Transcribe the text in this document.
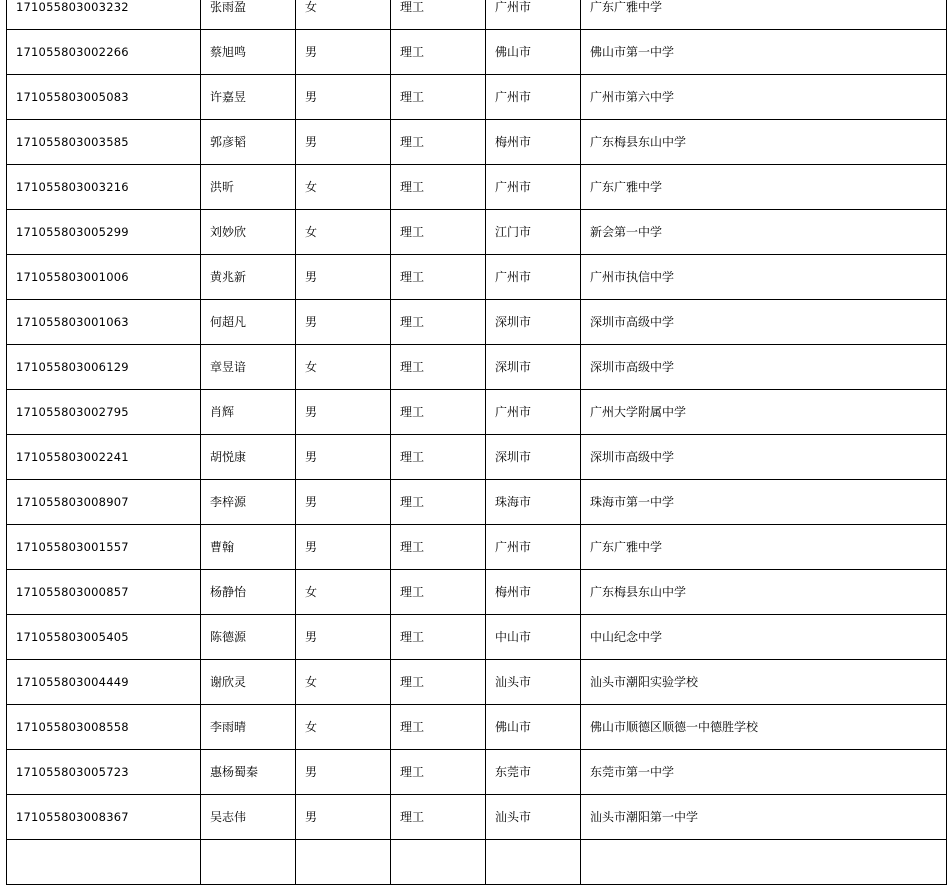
171055803003232	张雨盈	女	理工	广州市	广东广雅中学
171055803002266	蔡旭鸣	男	理工	佛山市	佛山市第一中学
171055803005083	许嘉昱	男	理工	广州市	广州市第六中学
171055803003585	郭彦韬	男	理工	梅州市	广东梅县东山中学
171055803003216	洪昕	女	理工	广州市	广东广雅中学
171055803005299	刘妙欣	女	理工	江门市	新会第一中学
171055803001006	黄兆新	男	理工	广州市	广州市执信中学
171055803001063	何超凡	男	理工	深圳市	深圳市高级中学
171055803006129	章昱谙	女	理工	深圳市	深圳市高级中学
171055803002795	肖辉	男	理工	广州市	广州大学附属中学
171055803002241	胡悦康	男	理工	深圳市	深圳市高级中学
171055803008907	李梓源	男	理工	珠海市	珠海市第一中学
171055803001557	曹翰	男	理工	广州市	广东广雅中学
171055803000857	杨静怡	女	理工	梅州市	广东梅县东山中学
171055803005405	陈德源	男	理工	中山市	中山纪念中学
171055803004449	谢欣灵	女	理工	汕头市	汕头市潮阳实验学校
171055803008558	李雨晴	女	理工	佛山市	佛山市顺德区顺德一中德胜学校
171055803005723	惠杨蜀秦	男	理工	东莞市	东莞市第一中学
171055803008367	吴志伟	男	理工	汕头市	汕头市潮阳第一中学
